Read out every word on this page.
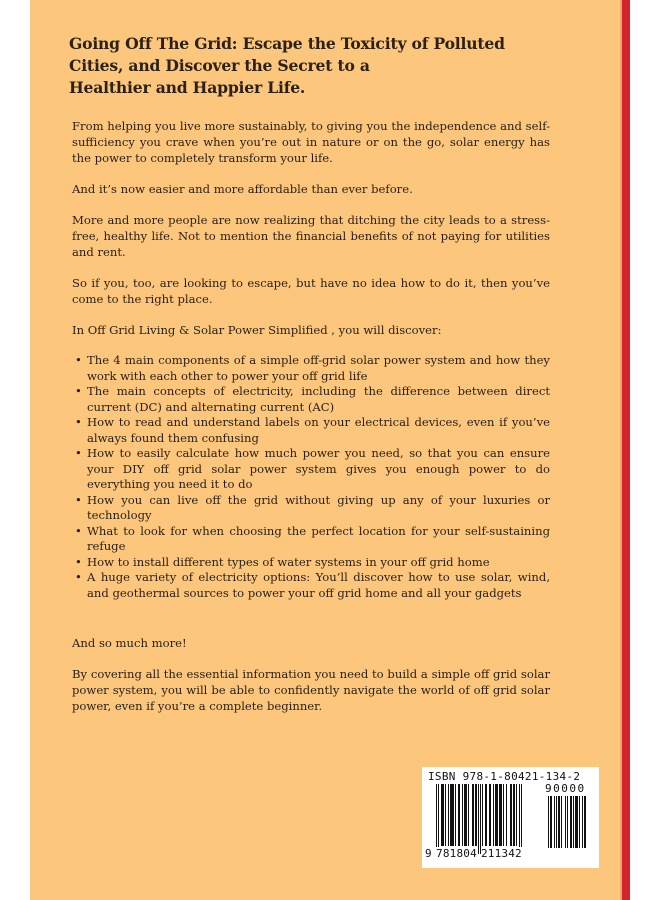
Going Off The Grid: Escape the Toxicity of Polluted
Cities, and Discover the Secret to a
Healthier and Happier Life.

From helping you live more sustainably, to giving you the independence and self-sufficiency you crave when you’re out in nature or on the go, solar energy has the power to completely transform your life.

And it’s now easier and more affordable than ever before.

More and more people are now realizing that ditching the city leads to a stress-free, healthy life. Not to mention the financial benefits of not paying for utilities and rent.

So if you, too, are looking to escape, but have no idea how to do it, then you’ve come to the right place.

In Off Grid Living & Solar Power Simplified , you will discover:

• The 4 main components of a simple off-grid solar power system and how they work with each other to power your off grid life
• The main concepts of electricity, including the difference between direct current (DC) and alternating current (AC)
• How to read and understand labels on your electrical devices, even if you’ve always found them confusing
• How to easily calculate how much power you need, so that you can ensure your DIY off grid solar power system gives you enough power to do everything you need it to do
• How you can live off the grid without giving up any of your luxuries or technology
• What to look for when choosing the perfect location for your self-sustaining refuge
• How to install different types of water systems in your off grid home
• A huge variety of electricity options: You’ll discover how to use solar, wind, and geothermal sources to power your off grid home and all your gadgets

And so much more!

By covering all the essential information you need to build a simple off grid solar power system, you will be able to confidently navigate the world of off grid solar power, even if you’re a complete beginner.

ISBN 978-1-80421-134-2
90000
9 781804 211342
